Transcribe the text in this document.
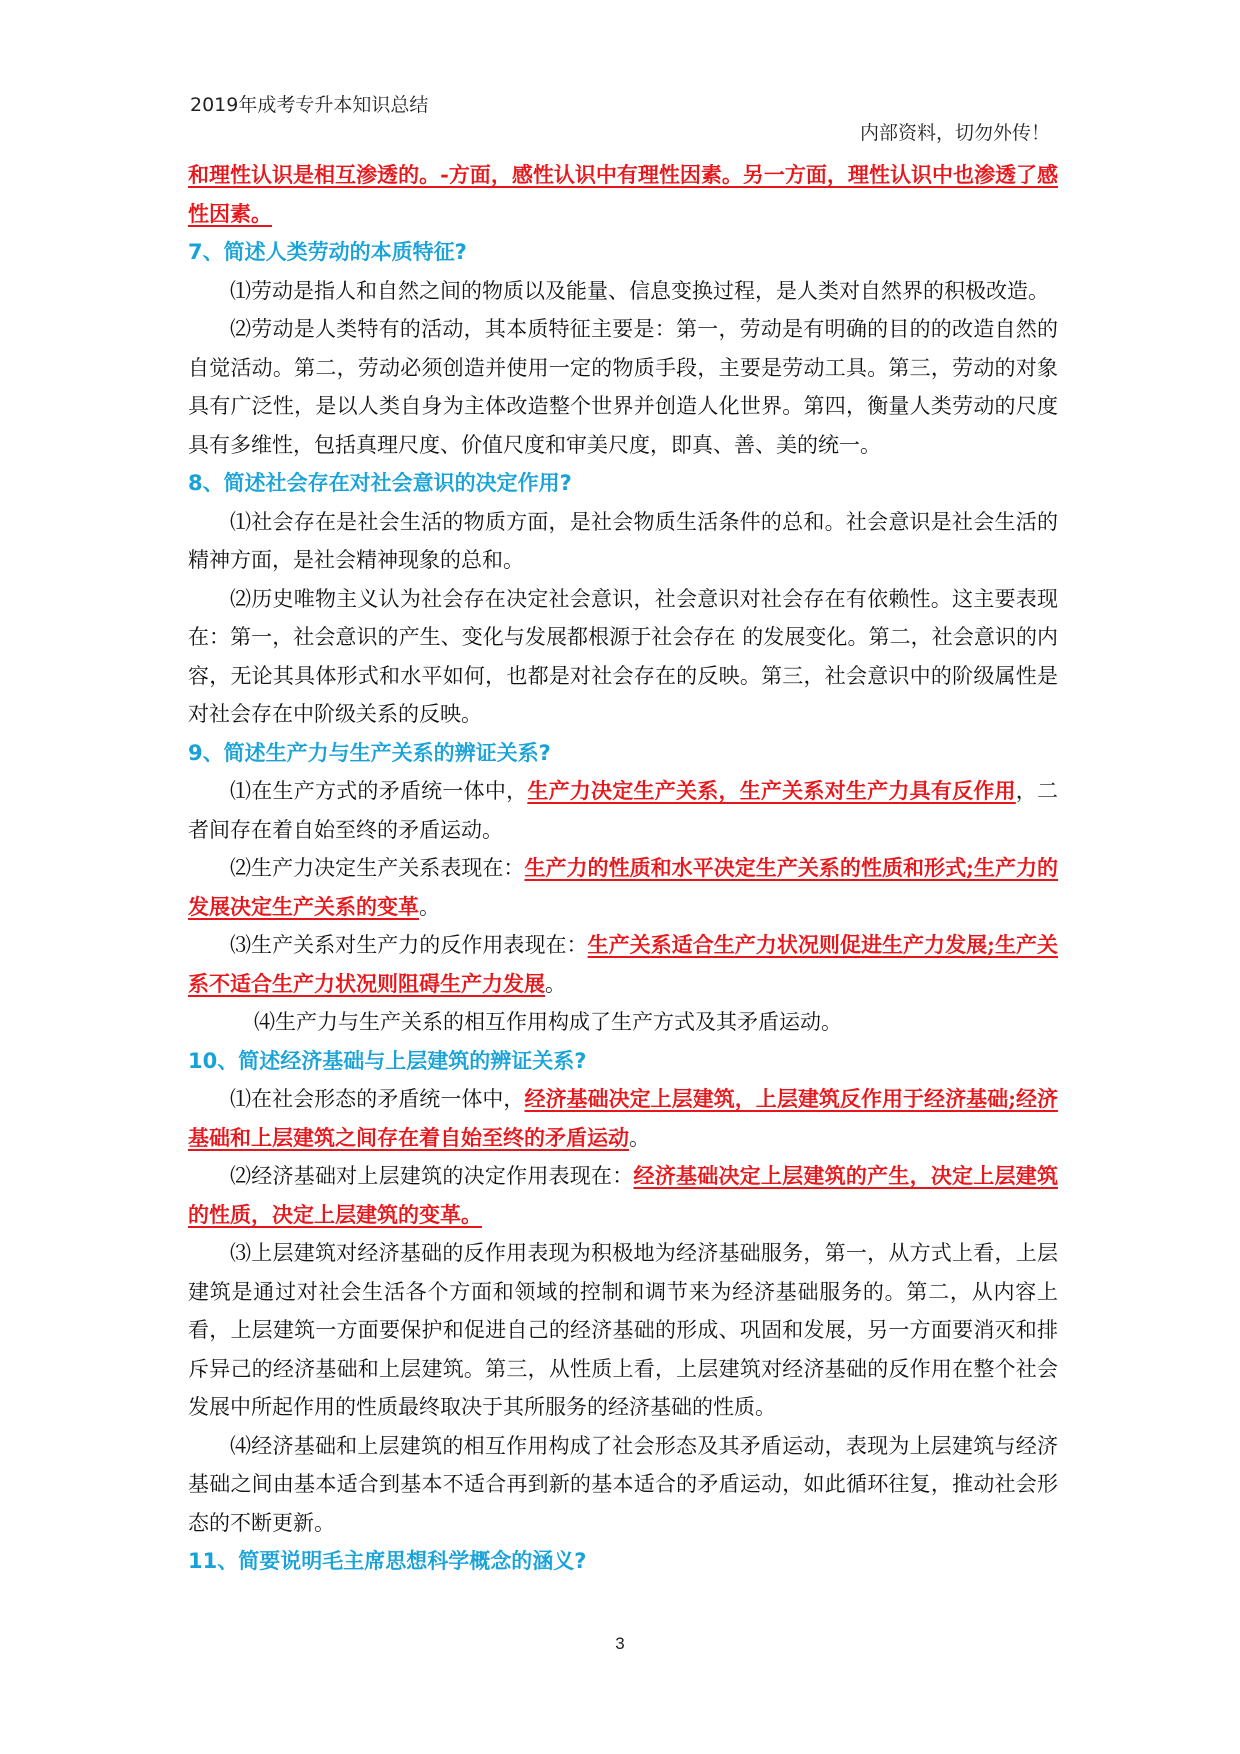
2019年成考专升本知识总结
内部资料，切勿外传！

和理性认识是相互渗透的。-方面，感性认识中有理性因素。另一方面，理性认识中也渗透了感性因素。

7、简述人类劳动的本质特征?

⑴劳动是指人和自然之间的物质以及能量、信息变换过程，是人类对自然界的积极改造。

⑵劳动是人类特有的活动，其本质特征主要是：第一，劳动是有明确的目的的改造自然的自觉活动。第二，劳动必须创造并使用一定的物质手段，主要是劳动工具。第三，劳动的对象具有广泛性，是以人类自身为主体改造整个世界并创造人化世界。第四，衡量人类劳动的尺度具有多维性，包括真理尺度、价值尺度和审美尺度，即真、善、美的统一。

8、简述社会存在对社会意识的决定作用?

⑴社会存在是社会生活的物质方面，是社会物质生活条件的总和。社会意识是社会生活的精神方面，是社会精神现象的总和。

⑵历史唯物主义认为社会存在决定社会意识，社会意识对社会存在有依赖性。这主要表现在：第一，社会意识的产生、变化与发展都根源于社会存在 的发展变化。第二，社会意识的内容，无论其具体形式和水平如何，也都是对社会存在的反映。第三，社会意识中的阶级属性是对社会存在中阶级关系的反映。

9、简述生产力与生产关系的辨证关系?

⑴在生产方式的矛盾统一体中，生产力决定生产关系，生产关系对生产力具有反作用，二者间存在着自始至终的矛盾运动。

⑵生产力决定生产关系表现在：生产力的性质和水平决定生产关系的性质和形式;生产力的发展决定生产关系的变革。

⑶生产关系对生产力的反作用表现在：生产关系适合生产力状况则促进生产力发展;生产关系不适合生产力状况则阻碍生产力发展。

⑷生产力与生产关系的相互作用构成了生产方式及其矛盾运动。

10、简述经济基础与上层建筑的辨证关系?

⑴在社会形态的矛盾统一体中，经济基础决定上层建筑，上层建筑反作用于经济基础;经济基础和上层建筑之间存在着自始至终的矛盾运动。

⑵经济基础对上层建筑的决定作用表现在：经济基础决定上层建筑的产生，决定上层建筑的性质，决定上层建筑的变革。

⑶上层建筑对经济基础的反作用表现为积极地为经济基础服务，第一，从方式上看，上层建筑是通过对社会生活各个方面和领域的控制和调节来为经济基础服务的。第二，从内容上看，上层建筑一方面要保护和促进自己的经济基础的形成、巩固和发展，另一方面要消灭和排斥异己的经济基础和上层建筑。第三，从性质上看，上层建筑对经济基础的反作用在整个社会发展中所起作用的性质最终取决于其所服务的经济基础的性质。

⑷经济基础和上层建筑的相互作用构成了社会形态及其矛盾运动，表现为上层建筑与经济基础之间由基本适合到基本不适合再到新的基本适合的矛盾运动，如此循环往复，推动社会形态的不断更新。

11、简要说明毛主席思想科学概念的涵义?

3
